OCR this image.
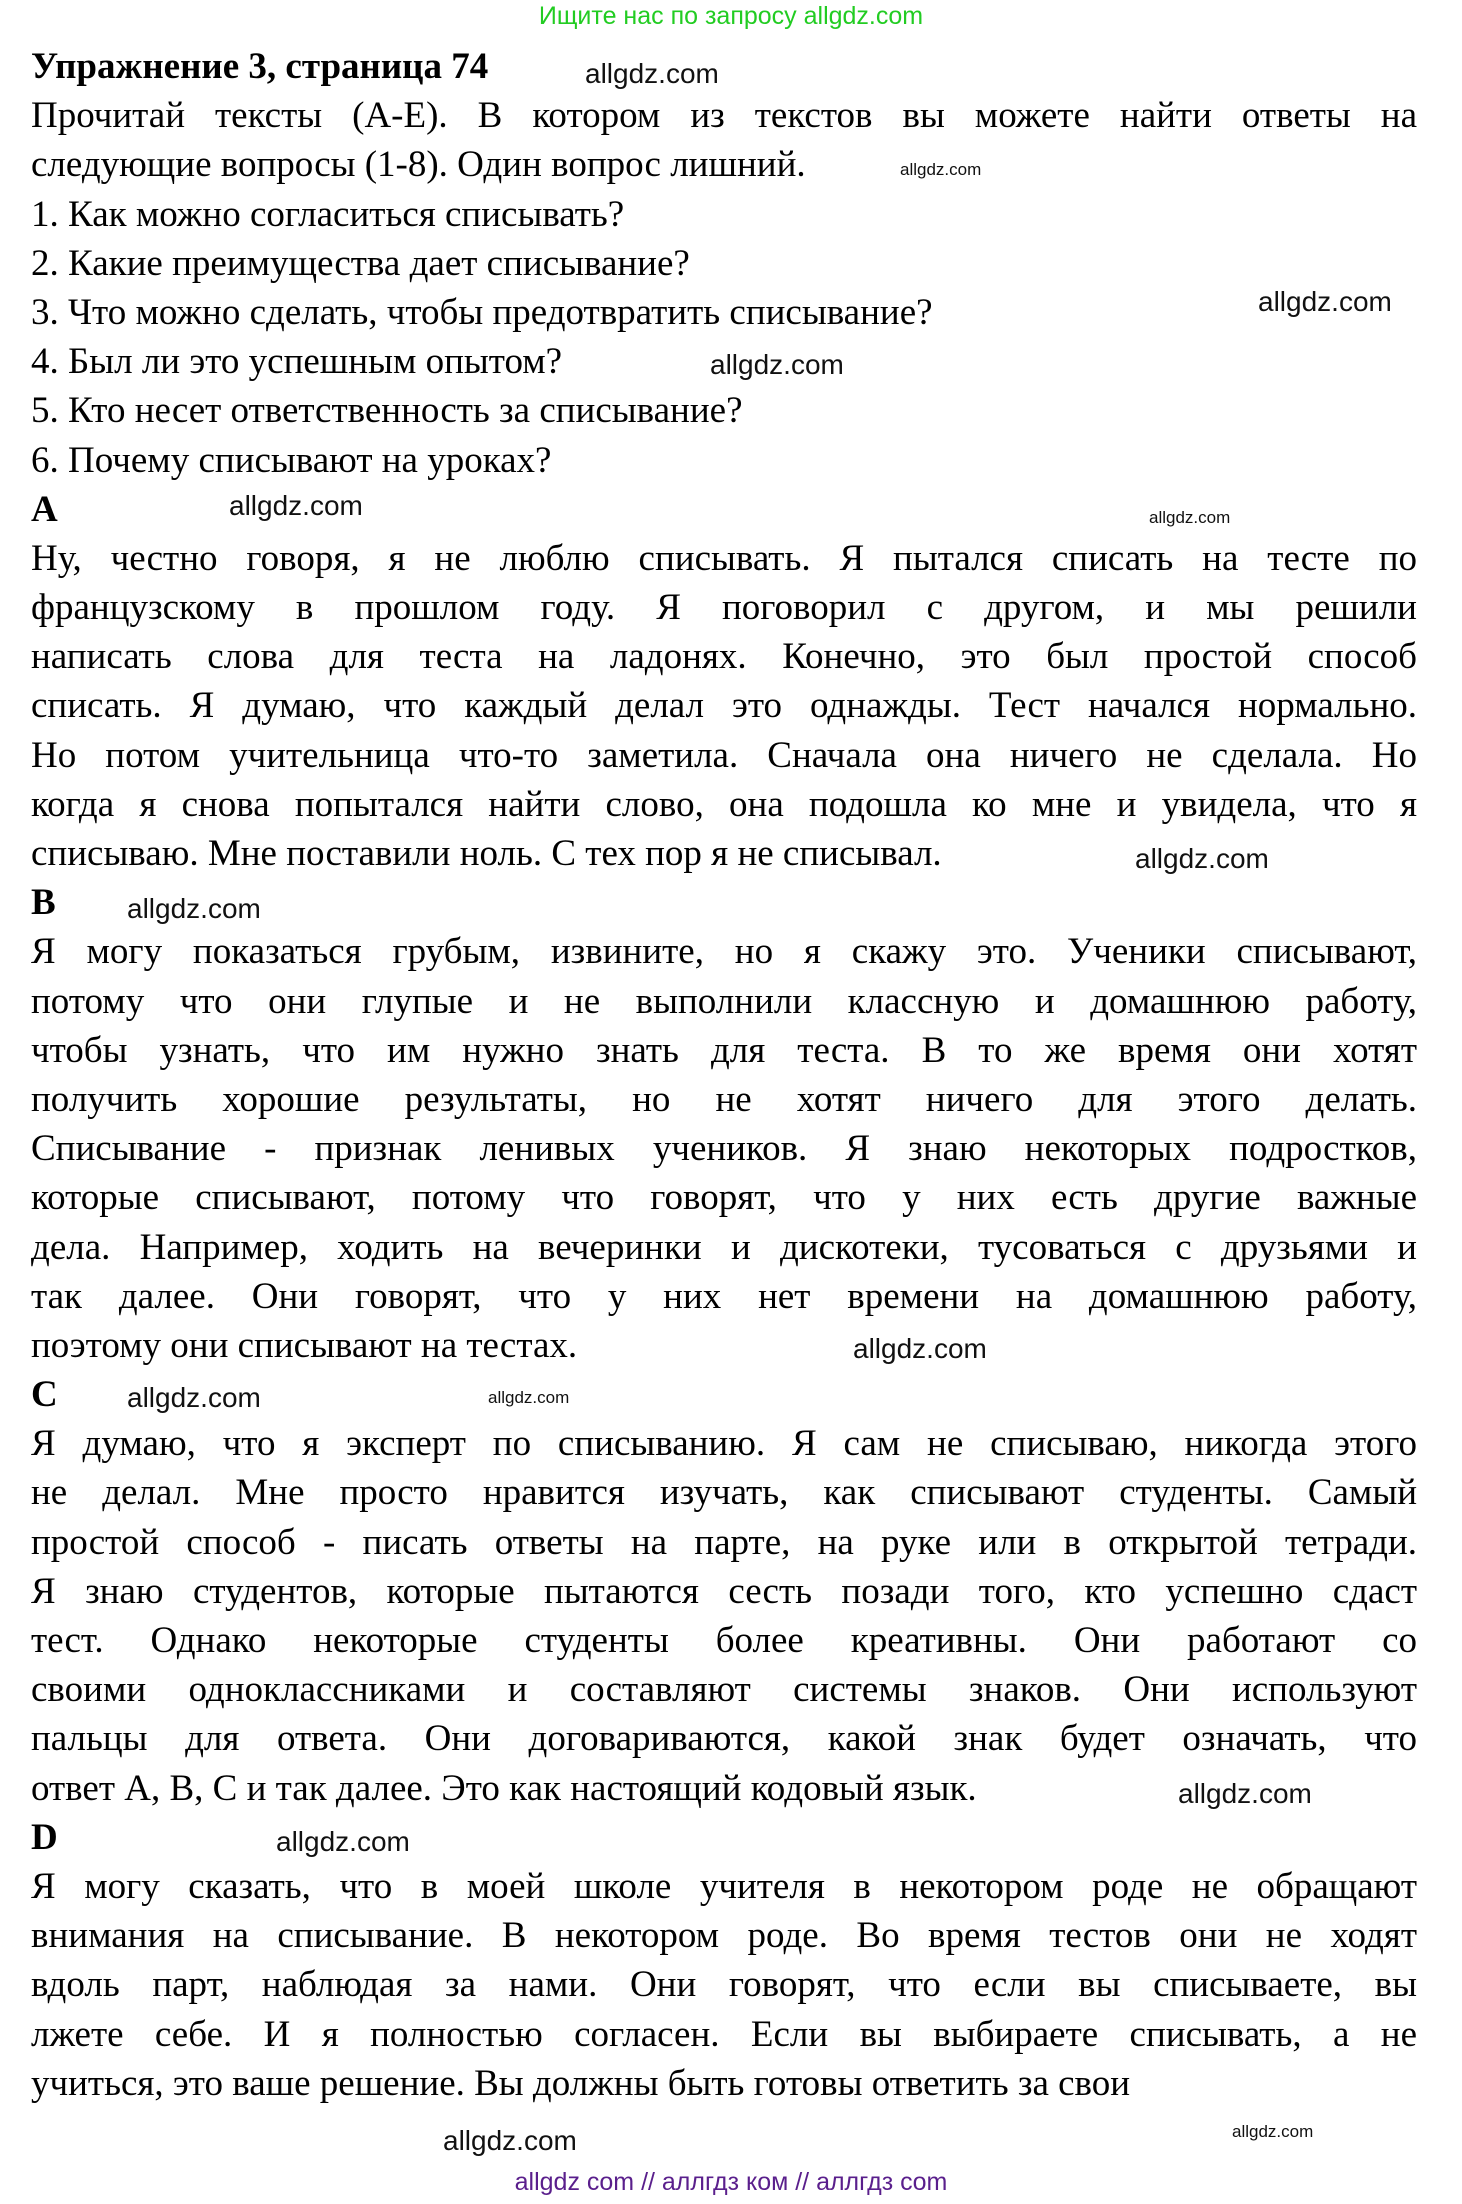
Ищите нас по запросу allgdz.com
Упражнение 3, страница 74
Прочитай тексты (A-E). В котором из текстов вы можете найти ответы на
следующие вопросы (1-8). Один вопрос лишний.
1. Как можно согласиться списывать?
2. Какие преимущества дает списывание?
3. Что можно сделать, чтобы предотвратить списывание?
4. Был ли это успешным опытом?
5. Кто несет ответственность за списывание?
6. Почему списывают на уроках?
A
Ну, честно говоря, я не люблю списывать. Я пытался списать на тесте по
французскому в прошлом году. Я поговорил с другом, и мы решили
написать слова для теста на ладонях. Конечно, это был простой способ
списать. Я думаю, что каждый делал это однажды. Тест начался нормально.
Но потом учительница что-то заметила. Сначала она ничего не сделала. Но
когда я снова попытался найти слово, она подошла ко мне и увидела, что я
списываю. Мне поставили ноль. С тех пор я не списывал.
B
Я могу показаться грубым, извините, но я скажу это. Ученики списывают,
потому что они глупые и не выполнили классную и домашнюю работу,
чтобы узнать, что им нужно знать для теста. В то же время они хотят
получить хорошие результаты, но не хотят ничего для этого делать.
Списывание - признак ленивых учеников. Я знаю некоторых подростков,
которые списывают, потому что говорят, что у них есть другие важные
дела. Например, ходить на вечеринки и дискотеки, тусоваться с друзьями и
так далее. Они говорят, что у них нет времени на домашнюю работу,
поэтому они списывают на тестах.
C
Я думаю, что я эксперт по списыванию. Я сам не списываю, никогда этого
не делал. Мне просто нравится изучать, как списывают студенты. Самый
простой способ - писать ответы на парте, на руке или в открытой тетради.
Я знаю студентов, которые пытаются сесть позади того, кто успешно сдаст
тест. Однако некоторые студенты более креативны. Они работают со
своими одноклассниками и составляют системы знаков. Они используют
пальцы для ответа. Они договариваются, какой знак будет означать, что
ответ A, B, C и так далее. Это как настоящий кодовый язык.
D
Я могу сказать, что в моей школе учителя в некотором роде не обращают
внимания на списывание. В некотором роде. Во время тестов они не ходят
вдоль парт, наблюдая за нами. Они говорят, что если вы списываете, вы
лжете себе. И я полностью согласен. Если вы выбираете списывать, а не
учиться, это ваше решение. Вы должны быть готовы ответить за свои
allgdz.com
allgdz.com
allgdz.com
allgdz.com
allgdz.com	allgdz.com
allgdz.com
allgdz.com
allgdz.com
allgdz.com	allgdz.com
allgdz.com
allgdz.com
allgdz.com
allgdz.com
allgdz com // аллгдз ком // аллгдз com
